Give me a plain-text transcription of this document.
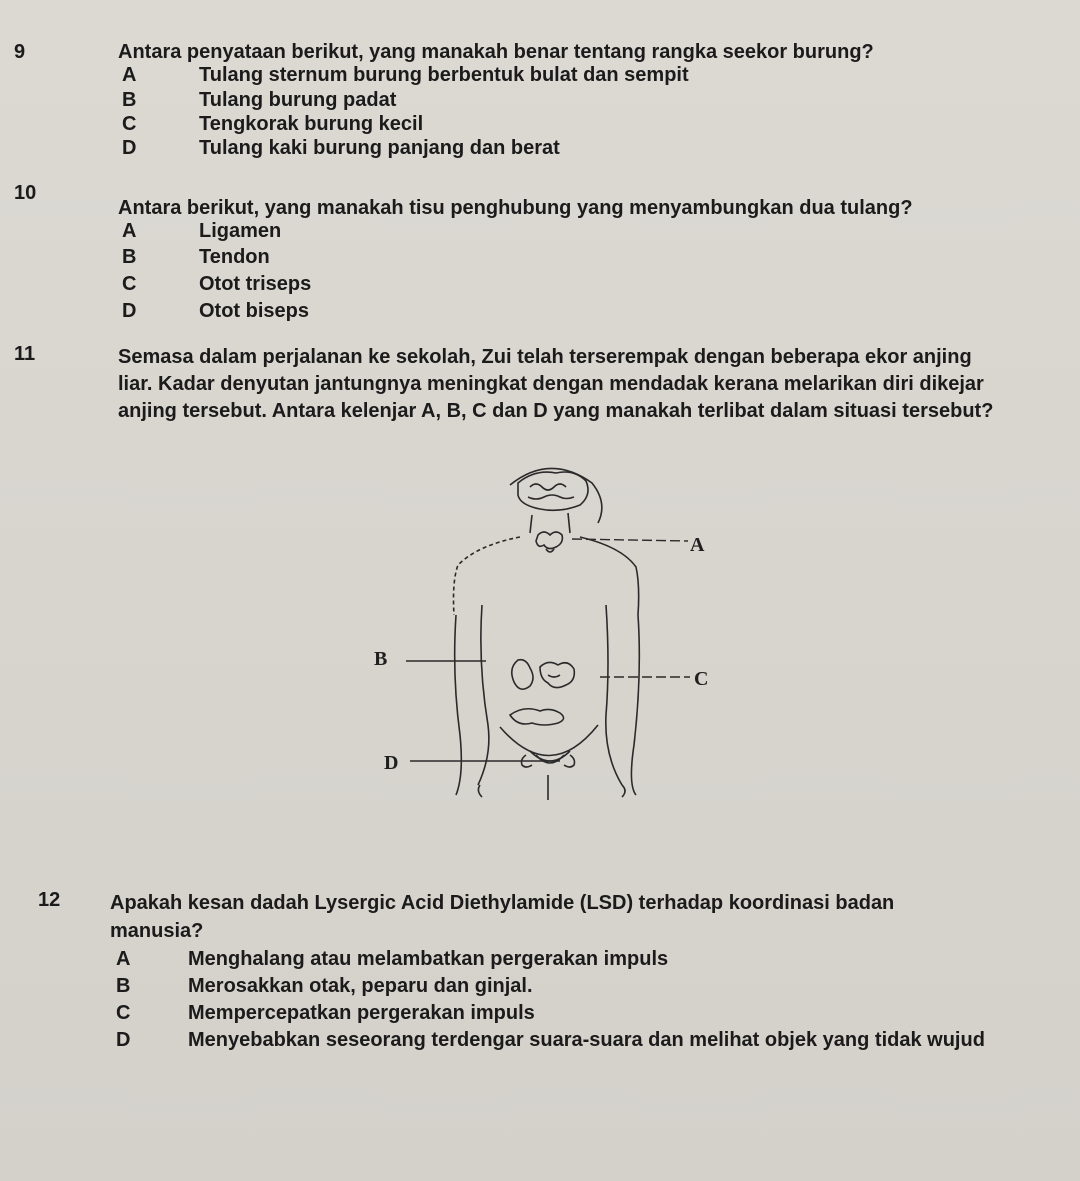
9	Antara penyataan berikut, yang manakah benar tentang rangka seekor burung?
A	Tulang sternum burung berbentuk bulat dan sempit
B	Tulang burung padat
C	Tengkorak burung kecil
D	Tulang kaki burung panjang dan berat
10
Antara berikut, yang manakah tisu penghubung yang menyambungkan dua tulang?
A	Ligamen
B	Tendon
C	Otot triseps
D	Otot biseps
11	Semasa dalam perjalanan ke sekolah, Zui telah terserempak dengan beberapa ekor anjing
liar. Kadar denyutan jantungnya meningkat dengan mendadak kerana melarikan diri dikejar
anjing tersebut. Antara kelenjar A, B, C dan D yang manakah terlibat dalam situasi tersebut?
A
B
C
D
12 Apakah kesan dadah Lysergic Acid Diethylamide (LSD) terhadap koordinasi badan
manusia?
A	Menghalang atau melambatkan pergerakan impuls
B	Merosakkan otak, peparu dan ginjal.
C	Mempercepatkan pergerakan impuls
D	Menyebabkan seseorang terdengar suara-suara dan melihat objek yang tidak wujud
